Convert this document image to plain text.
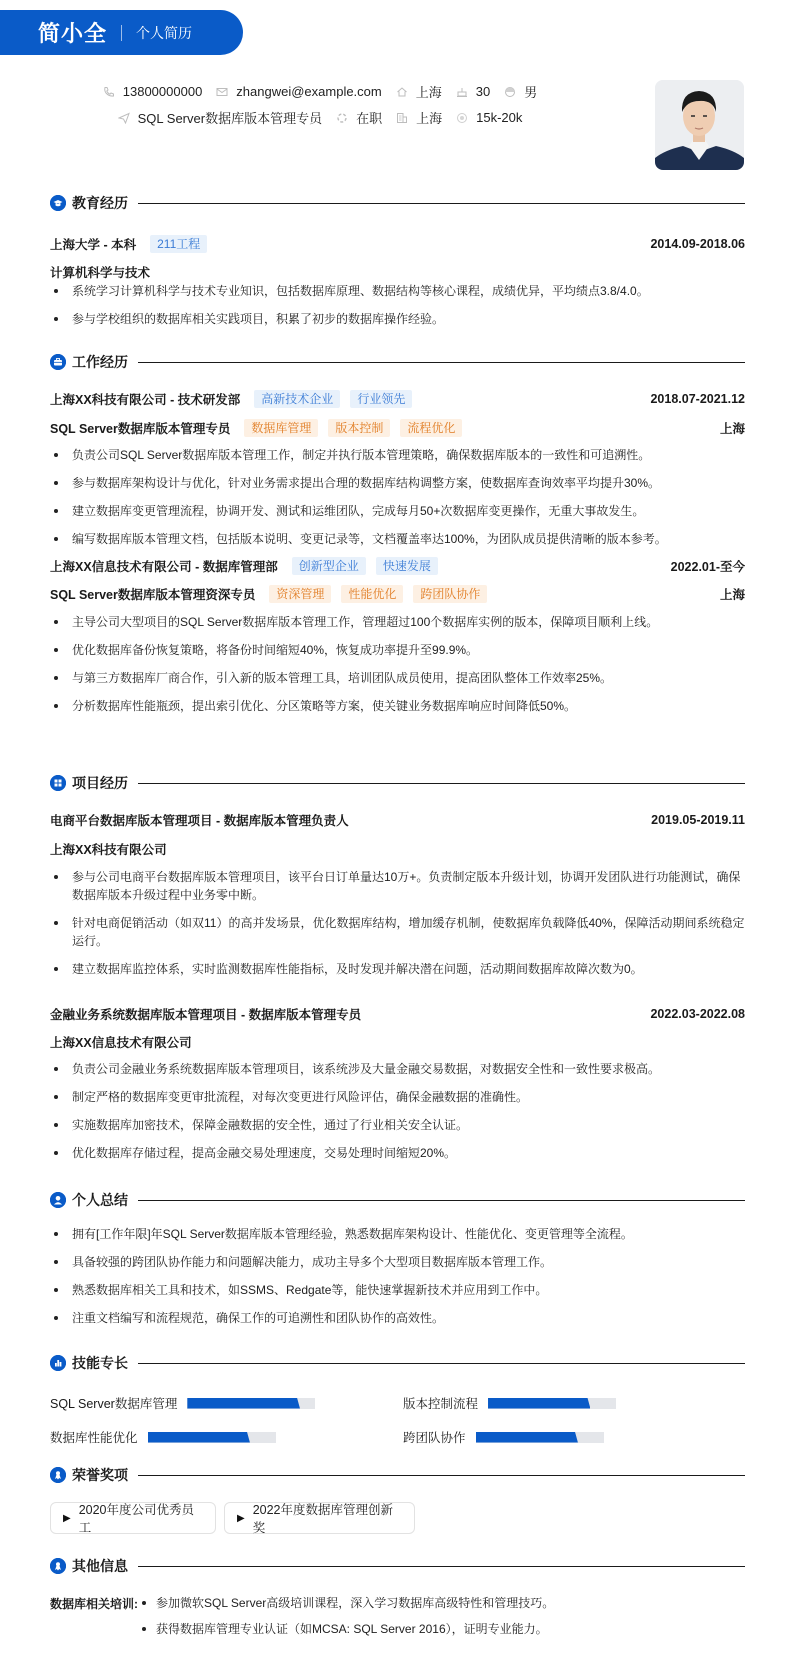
简小全 个人简历
13800000000	zhangwei@example.com	上海	30	男
SQL Server数据库版本管理专员	在职	上海	15k-20k
教育经历
上海大学 - 本科	211工程	2014.09-2018.06
计算机科学与技术
系统学习计算机科学与技术专业知识，包括数据库原理、数据结构等核心课程，成绩优异，平均绩点3.8/4.0。
参与学校组织的数据库相关实践项目，积累了初步的数据库操作经验。
工作经历
上海XX科技有限公司 - 技术研发部	高新技术企业	行业领先	2018.07-2021.12
SQL Server数据库版本管理专员	数据库管理	版本控制	流程优化	上海
负责公司SQL Server数据库版本管理工作，制定并执行版本管理策略，确保数据库版本的一致性和可追溯性。
参与数据库架构设计与优化，针对业务需求提出合理的数据库结构调整方案，使数据库查询效率平均提升30%。
建立数据库变更管理流程，协调开发、测试和运维团队，完成每月50+次数据库变更操作，无重大事故发生。
编写数据库版本管理文档，包括版本说明、变更记录等，文档覆盖率达100%，为团队成员提供清晰的版本参考。
上海XX信息技术有限公司 - 数据库管理部	创新型企业	快速发展	2022.01-至今
SQL Server数据库版本管理资深专员	资深管理	性能优化	跨团队协作	上海
主导公司大型项目的SQL Server数据库版本管理工作，管理超过100个数据库实例的版本，保障项目顺利上线。
优化数据库备份恢复策略，将备份时间缩短40%，恢复成功率提升至99.9%。
与第三方数据库厂商合作，引入新的版本管理工具，培训团队成员使用，提高团队整体工作效率25%。
分析数据库性能瓶颈，提出索引优化、分区策略等方案，使关键业务数据库响应时间降低50%。
项目经历
电商平台数据库版本管理项目 - 数据库版本管理负责人	2019.05-2019.11
上海XX科技有限公司
参与公司电商平台数据库版本管理项目，该平台日订单量达10万+。负责制定版本升级计划，协调开发团队进行功能测试，确保数据库版本升级过程中业务零中断。
针对电商促销活动（如双11）的高并发场景，优化数据库结构，增加缓存机制，使数据库负载降低40%，保障活动期间系统稳定运行。
建立数据库监控体系，实时监测数据库性能指标，及时发现并解决潜在问题，活动期间数据库故障次数为0。
金融业务系统数据库版本管理项目 - 数据库版本管理专员	2022.03-2022.08
上海XX信息技术有限公司
负责公司金融业务系统数据库版本管理项目，该系统涉及大量金融交易数据，对数据安全性和一致性要求极高。
制定严格的数据库变更审批流程，对每次变更进行风险评估，确保金融数据的准确性。
实施数据库加密技术，保障金融数据的安全性，通过了行业相关安全认证。
优化数据库存储过程，提高金融交易处理速度，交易处理时间缩短20%。
个人总结
拥有[工作年限]年SQL Server数据库版本管理经验，熟悉数据库架构设计、性能优化、变更管理等全流程。
具备较强的跨团队协作能力和问题解决能力，成功主导多个大型项目数据库版本管理工作。
熟悉数据库相关工具和技术，如SSMS、Redgate等，能快速掌握新技术并应用到工作中。
注重文档编写和流程规范，确保工作的可追溯性和团队协作的高效性。
技能专长
SQL Server数据库管理	版本控制流程
数据库性能优化	跨团队协作
荣誉奖项
▶
2020年度公司优秀员工
▶
2022年度数据库管理创新奖
其他信息
数据库相关培训:	参加微软SQL Server高级培训课程，深入学习数据库高级特性和管理技巧。
获得数据库管理专业认证（如MCSA: SQL Server 2016），证明专业能力。
